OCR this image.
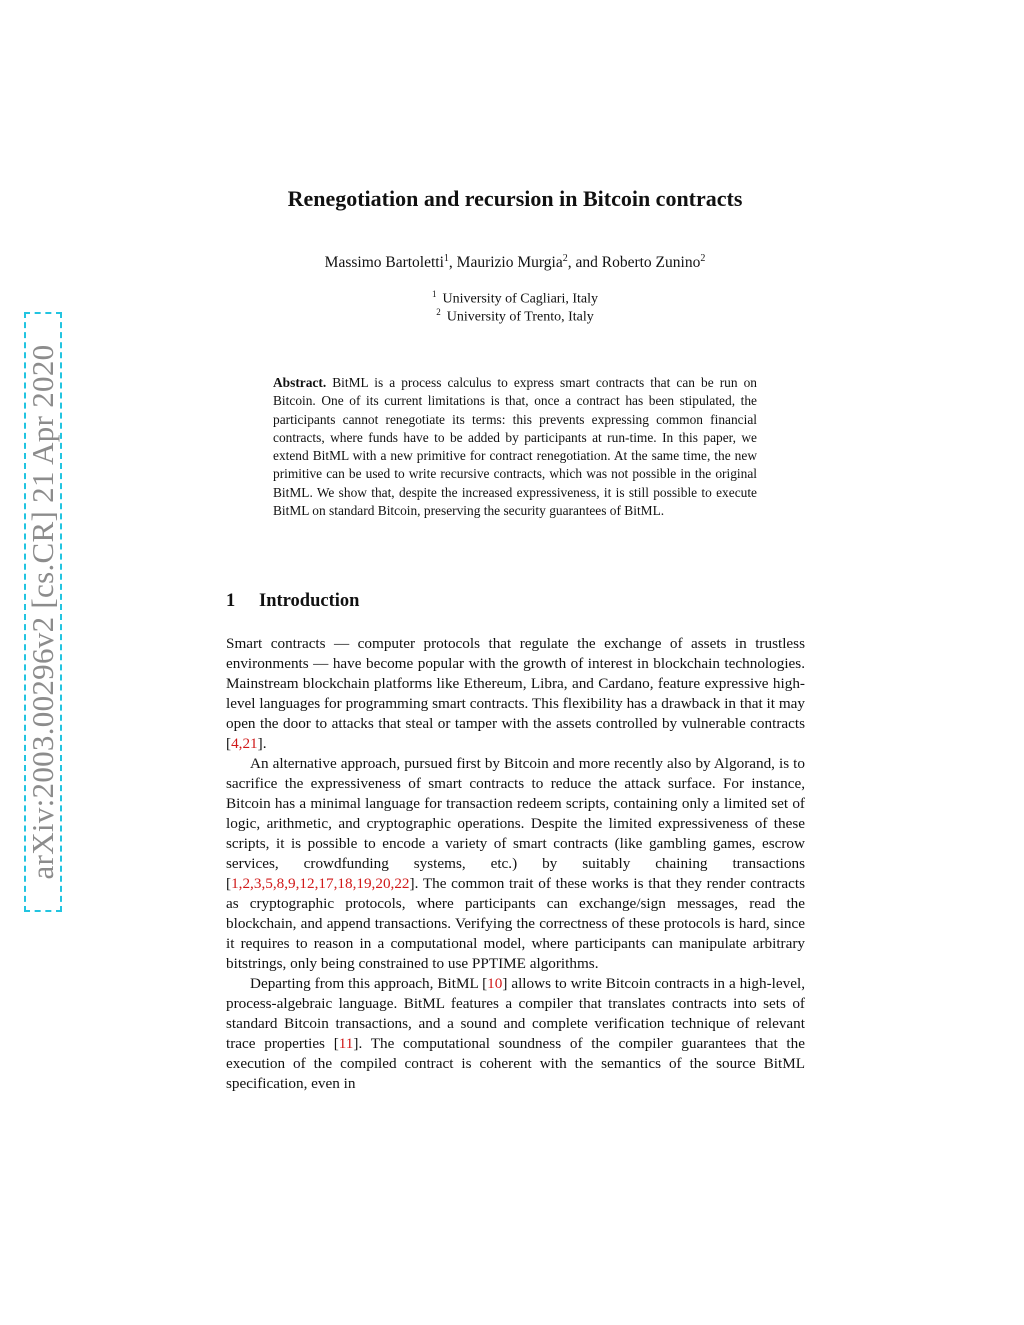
arXiv:2003.00296v2 [cs.CR] 21 Apr 2020
Renegotiation and recursion in Bitcoin contracts
Massimo Bartoletti$^1$, Maurizio Murgia$^2$, and Roberto Zunino$^2$
$^1$ University of Cagliari, Italy
$^2$ University of Trento, Italy
Abstract. BitML is a process calculus to express smart contracts that can be run on Bitcoin. One of its current limitations is that, once a contract has been stipulated, the participants cannot renegotiate its terms: this prevents expressing common financial contracts, where funds have to be added by participants at run-time. In this paper, we extend BitML with a new primitive for contract renegotiation. At the same time, the new primitive can be used to write recursive contracts, which was not possible in the original BitML. We show that, despite the increased expressiveness, it is still possible to execute BitML on standard Bitcoin, preserving the security guarantees of BitML.
1 Introduction

Smart contracts — computer protocols that regulate the exchange of assets in trustless environments — have become popular with the growth of interest in blockchain technologies. Mainstream blockchain platforms like Ethereum, Libra, and Cardano, feature expressive high-level languages for programming smart contracts. This flexibility has a drawback in that it may open the door to attacks that steal or tamper with the assets controlled by vulnerable contracts [4,21].

An alternative approach, pursued first by Bitcoin and more recently also by Algorand, is to sacrifice the expressiveness of smart contracts to reduce the attack surface. For instance, Bitcoin has a minimal language for transaction redeem scripts, containing only a limited set of logic, arithmetic, and cryptographic operations. Despite the limited expressiveness of these scripts, it is possible to encode a variety of smart contracts (like gambling games, escrow services, crowdfunding systems, etc.) by suitably chaining transactions [1,2,3,5,8,9,12,17,18,19,20,22]. The common trait of these works is that they render contracts as cryptographic protocols, where participants can exchange/sign messages, read the blockchain, and append transactions. Verifying the correctness of these protocols is hard, since it requires to reason in a computational model, where participants can manipulate arbitrary bitstrings, only being constrained to use PPTIME algorithms.

Departing from this approach, BitML [10] allows to write Bitcoin contracts in a high-level, process-algebraic language. BitML features a compiler that translates contracts into sets of standard Bitcoin transactions, and a sound and complete verification technique of relevant trace properties [11]. The computational soundness of the compiler guarantees that the execution of the compiled contract is coherent with the semantics of the source BitML specification, even in
